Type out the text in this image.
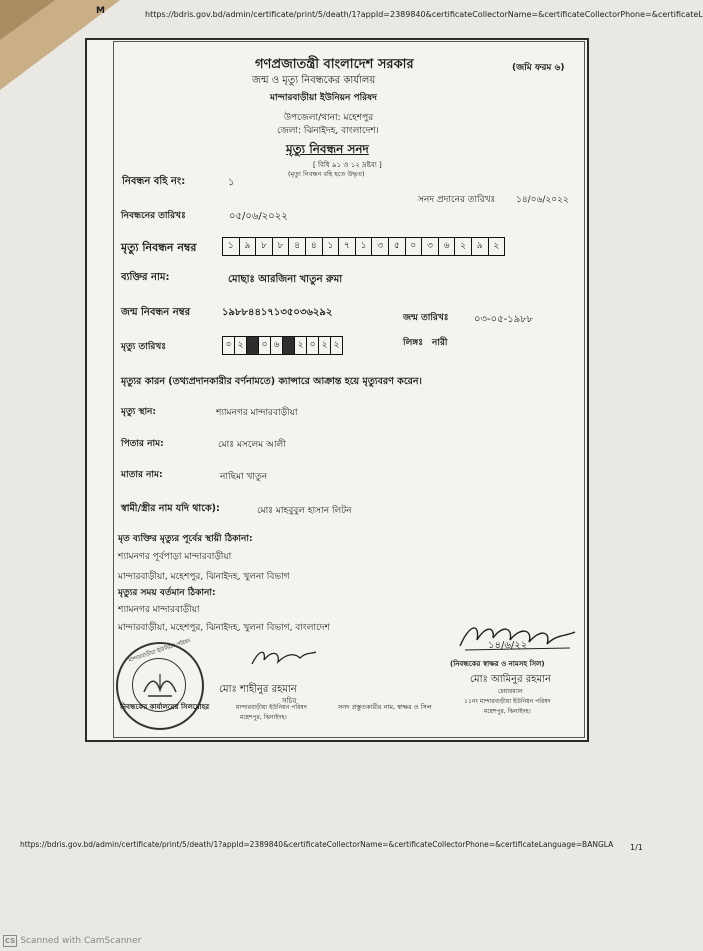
M	https://bdris.gov.bd/admin/certificate/print/5/death/1?appId=2389840&certificateCollectorName=&certificateCollectorPhone=&certificateL
গণপ্রজাতন্ত্রী বাংলাদেশ সরকার	(জমি ফরম ৬)
জন্ম ও মৃত্যু নিবন্ধকের কার্যালয়
মান্দারবাড়ীয়া ইউনিয়ন পরিষদ
উপজেলা/থানা: মহেশপুর
জেলা: ঝিনাইদহ, বাংলাদেশ।
মৃত্যু নিবন্ধন সনদ
[ বিধি ৯১ ও ১২ দ্রষ্টব্য ]
(মৃত্যু নিবন্ধন বহি হতে উদ্ধৃত)
নিবন্ধন বহি নং:	১
সনদ প্রদানের তারিখঃ ১৪/০৬/২০২২
নিবন্ধনের তারিখঃ	০৫/০৬/২০২২
মৃত্যু নিবন্ধন নম্বর	১	৯	৮	৮	৪	৪	১	৭	১	৩	৫	০	৩	৬	২	৯	২
ব্যক্তির নাম:	মোছাঃ আরজিনা খাতুন রুমা
জন্ম নিবন্ধন নম্বর	১৯৮৮৪৪১৭১৩৫০৩৬২৯২	জন্ম তারিখঃ	০৩-০৫-১৯৮৮
মৃত্যু তারিখঃ	০ ২	০ ৬	২ ০ ২ ২	লিঙ্গঃ নারী
মৃত্যুর কারন (তথ্যপ্রদানকারীর বর্ণনামতে) ক্যান্সারে আক্রান্ত হয়ে মৃত্যুবরণ করেন।
মৃত্যু স্থান:	শ্যামনগর মান্দারবাড়ীয়া
পিতার নাম:	মোঃ মসলেম আলী
মাতার নাম:	নাছিমা খাতুন
স্বামী/স্ত্রীর নাম যদি থাকে):	মোঃ মাহবুবুল হাসান লিটন
মৃত ব্যক্তির মৃত্যুর পূর্বের স্থায়ী ঠিকানা:
শ্যামনগর পূর্বপাড়া মান্দারবাড়ীয়া
মান্দারবাড়ীয়া, মহেশপুর, ঝিনাইদহ, খুলনা বিভাগ
মৃত্যুর সময় বর্তমান ঠিকানা:
শ্যামনগর মান্দারবাড়ীয়া
মান্দারবাড়ীয়া, মহেশপুর, ঝিনাইদহ, খুলনা বিভাগ, বাংলাদেশ
১৪/৬/২২
(নিবন্ধকের স্বাক্ষর ও নামসহ সিল)
মোঃ আমিনুর রহমান
চেয়ারম্যান
১১নং মান্দারবাড়ীয়া ইউনিয়ন পরিষদ
মহেশপুর, ঝিনাইদহ।
মান্দারবাড়ীয়া ইউনিয়ন পরিষদ
মোঃ শাহীনুর রহমান
সচিব
নিবন্ধকের কার্যালয়ের সিলমোহর	মান্দারবাড়ীয়া ইউনিয়ন পরিষদ
মহেশপুর, ঝিনাইদহ।
সনদ প্রস্তুতকারীর নাম, স্বাক্ষর ও সিল
https://bdris.gov.bd/admin/certificate/print/5/death/1?appId=2389840&certificateCollectorName=&certificateCollectorPhone=&certificateLanguage=BANGLA 1/1
CS Scanned with CamScanner
